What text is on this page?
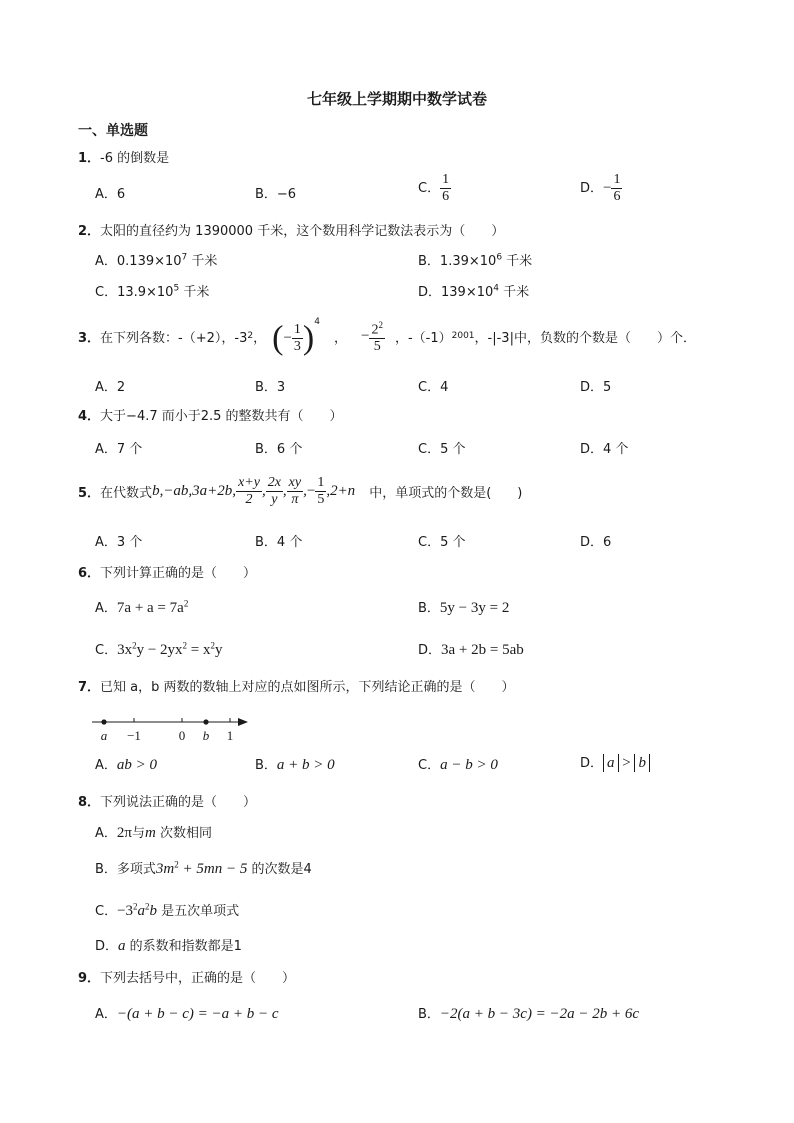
七年级上学期期中数学试卷
一、单选题
1．-6 的倒数是
A．6	B．−6	C． $\frac{1}{6}$	D．− $\frac{1}{6}$
2．太阳的直径约为 1390000 千米，这个数用科学记数法表示为（　　）
A．$0.139\times 10^7$ 千米	B．$1.39\times 10^6$ 千米
C．$13.9\times 10^5$ 千米	D．$139\times 10^4$ 千米
3． 在下列各数：-（+2），-3 2 ， (− $\frac{1}{3} )^4$
， − $\frac{2^2}{5}$ ，-（-1） 2001 ，-|-3|中，负数的个数是（　　）个．
A．2	B．3	C．4	D．5
4．大于−4.7 而小于2.5 的整数共有（　　）
A．7 个	B．6 个	C．5 个	D．4 个
5． 在代数式 b,−ab,3a+2b, $\frac{x+y}{2}$ , $\frac{2x}{y}$ , $\frac{xy}{\pi}$ , − $\frac{1}{5} ,2+n$ 中，单项式的个数是(　　)
A．3 个	B．4 个	C．5 个	D．6
6．下列计算正确的是（　　）
A．$7a + a = 7a^2$	B．5y − 3y = 2
C．$3x^2y - 2yx^2 = x^2y$	D．3a + 2b = 5ab
7．已知 a，b 两数的数轴上对应的点如图所示，下列结论正确的是（　　）
a −1	0 b 1
A．ab > 0	B．a + b > 0	C．a − b > 0	D． a > b
8．下列说法正确的是（　　）
A．2π与m 次数相同
B．多项式$3m^2 + 5mn - 5$ 的次数是4
C．$-3^2a^2b$ 是五次单项式
D．a 的系数和指数都是1
9．下列去括号中，正确的是（　　）
A．−(a + b − c) = −a + b − c	B．−2(a + b − 3c) = −2a − 2b + 6c
